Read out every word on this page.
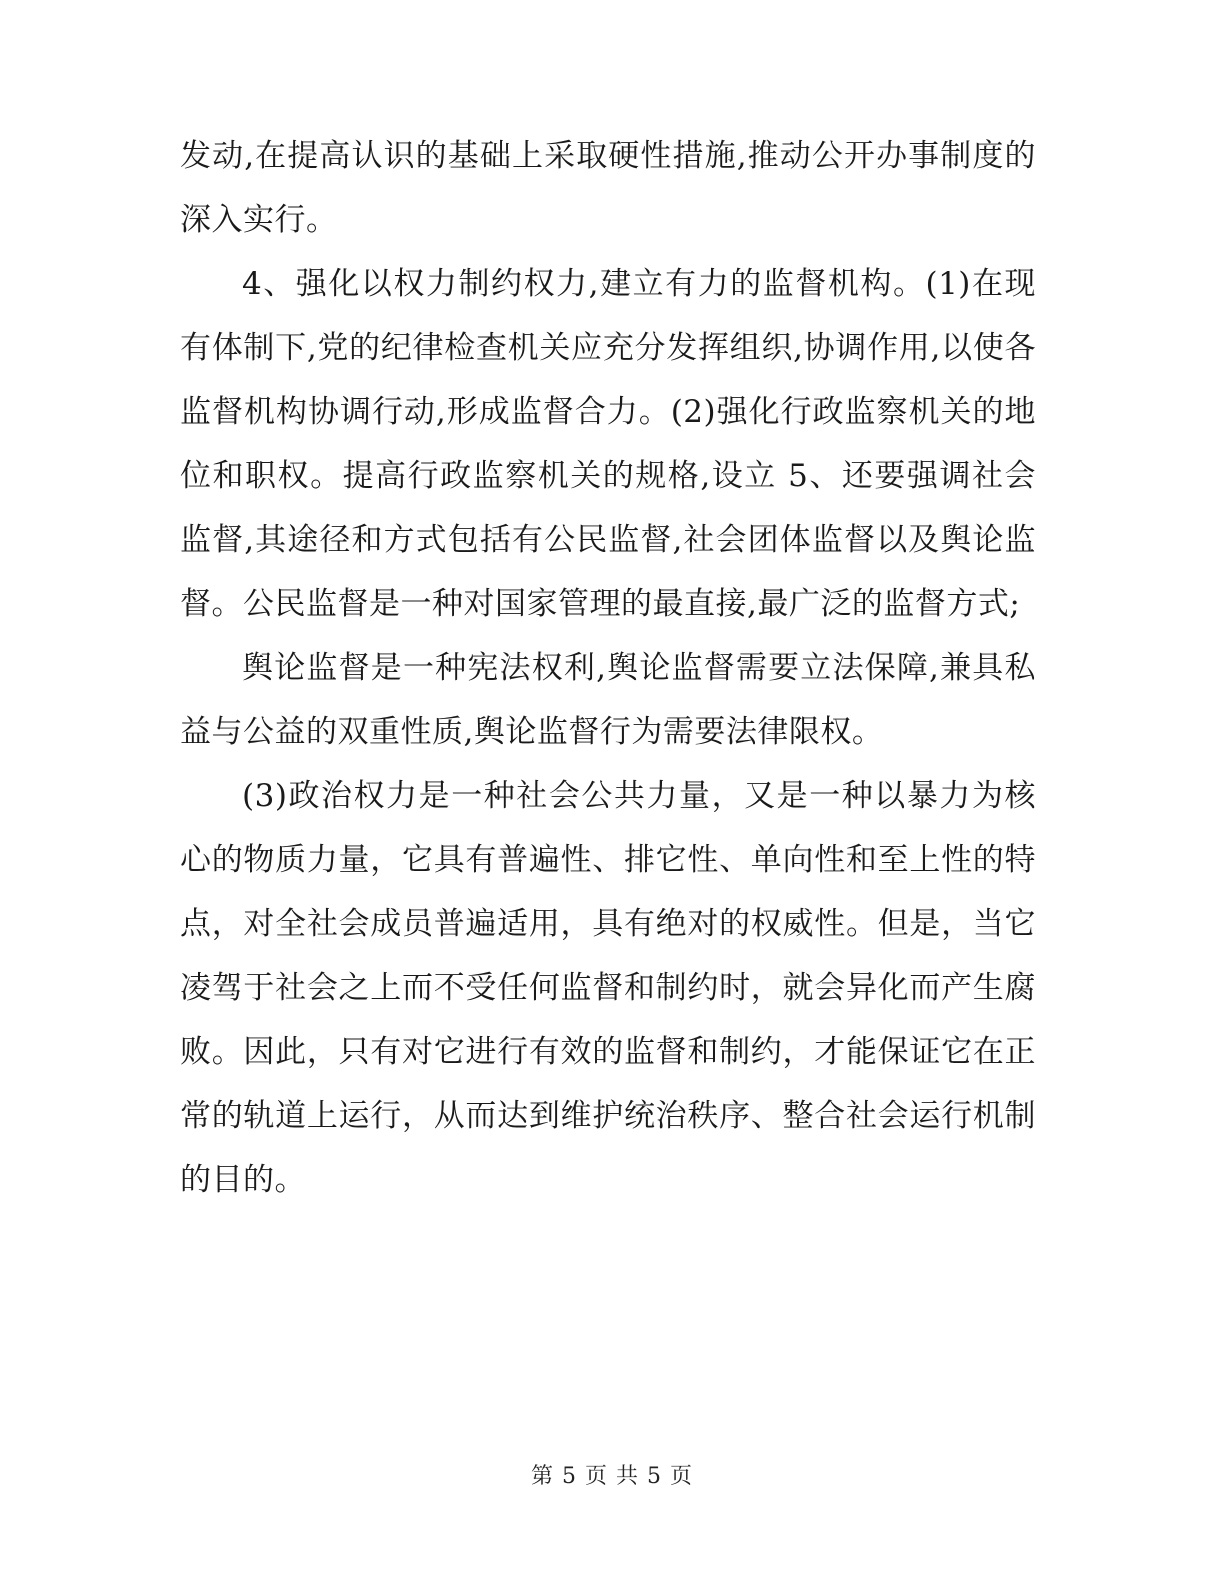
发动,在提高认识的基础上采取硬性措施,推动公开办事制度的深入实行。

4、强化以权力制约权力,建立有力的监督机构。(1)在现有体制下,党的纪律检查机关应充分发挥组织,协调作用,以使各监督机构协调行动,形成监督合力。(2)强化行政监察机关的地位和职权。提高行政监察机关的规格,设立 5、还要强调社会监督,其途径和方式包括有公民监督,社会团体监督以及舆论监督。公民监督是一种对国家管理的最直接,最广泛的监督方式;

舆论监督是一种宪法权利,舆论监督需要立法保障,兼具私益与公益的双重性质,舆论监督行为需要法律限权。

(3)政治权力是一种社会公共力量，又是一种以暴力为核心的物质力量，它具有普遍性、排它性、单向性和至上性的特点，对全社会成员普遍适用，具有绝对的权威性。但是，当它凌驾于社会之上而不受任何监督和制约时，就会异化而产生腐败。因此，只有对它进行有效的监督和制约，才能保证它在正常的轨道上运行，从而达到维护统治秩序、整合社会运行机制的目的。

第 5 页 共 5 页
